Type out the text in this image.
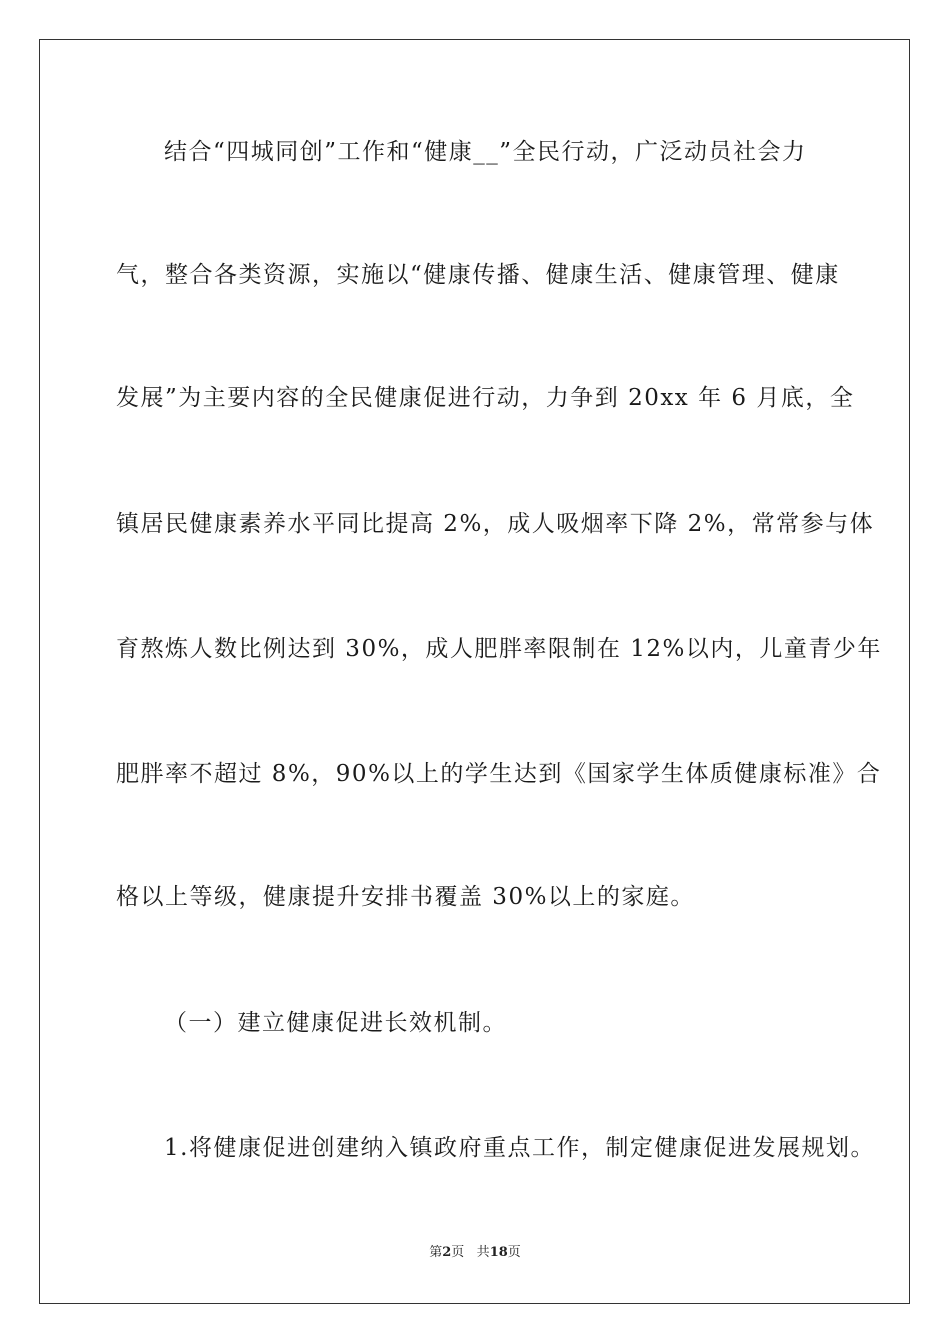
结合“四城同创”工作和“健康__”全民行动，广泛动员社会力
气，整合各类资源，实施以“健康传播、健康生活、健康管理、健康
发展”为主要内容的全民健康促进行动，力争到 20xx 年 6 月底，全
镇居民健康素养水平同比提高 2%，成人吸烟率下降 2%，常常参与体
育熬炼人数比例达到 30%，成人肥胖率限制在 12%以内，儿童青少年
肥胖率不超过 8%，90%以上的学生达到《国家学生体质健康标准》合
格以上等级，健康提升安排书覆盖 30%以上的家庭。
（一）建立健康促进长效机制。
1.将健康促进创建纳入镇政府重点工作，制定健康促进发展规划。
第2页 共18页
